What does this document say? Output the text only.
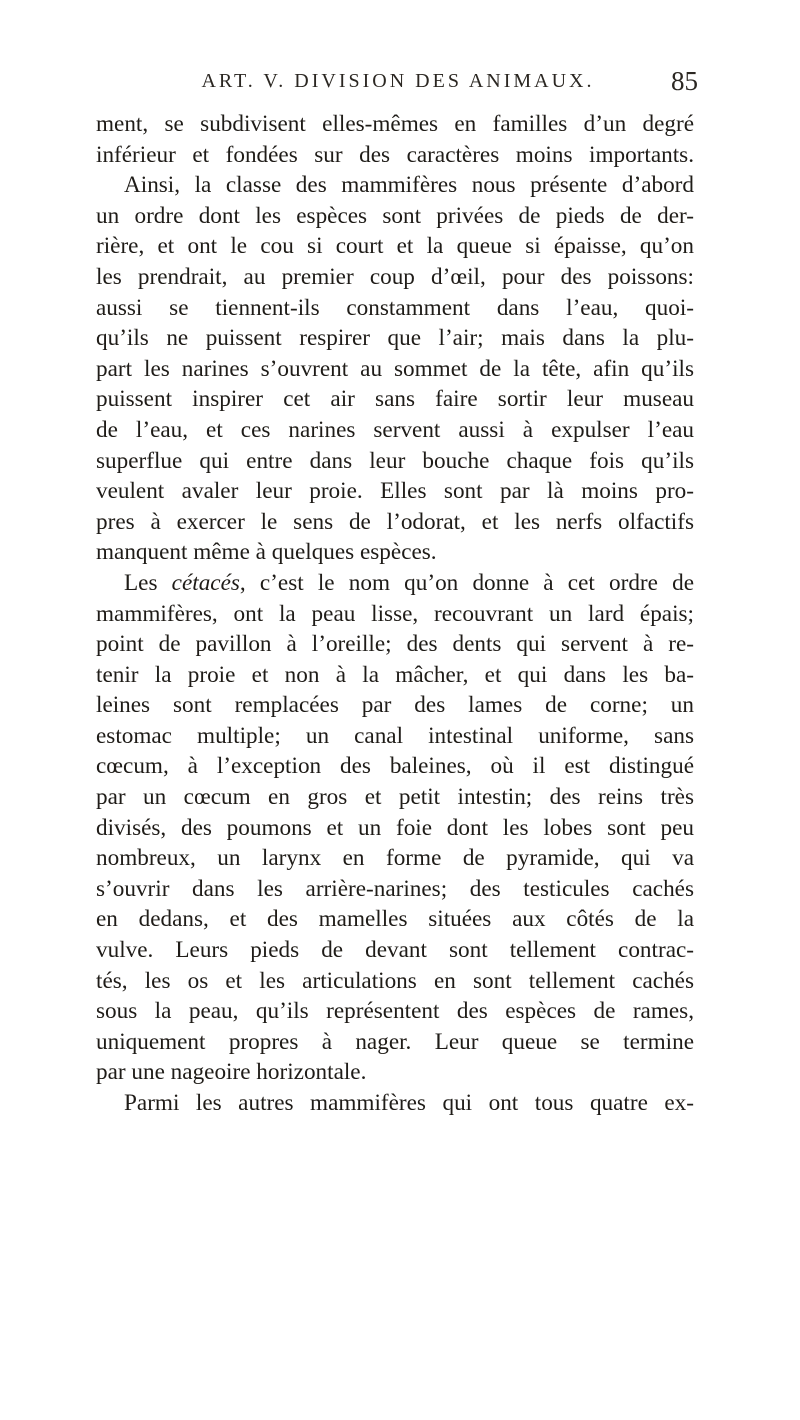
ART. V. DIVISION DES ANIMAUX.	85
ment, se subdivisent elles-mêmes en familles d’un degré
inférieur et fondées sur des caractères moins importants.
Ainsi, la classe des mammifères nous présente d’abord
un ordre dont les espèces sont privées de pieds de der-
rière, et ont le cou si court et la queue si épaisse, qu’on
les prendrait, au premier coup d’œil, pour des poissons:
aussi se tiennent-ils constamment dans l’eau, quoi-
qu’ils ne puissent respirer que l’air; mais dans la plu-
part les narines s’ouvrent au sommet de la tête, afin qu’ils
puissent inspirer cet air sans faire sortir leur museau
de l’eau, et ces narines servent aussi à expulser l’eau
superflue qui entre dans leur bouche chaque fois qu’ils
veulent avaler leur proie. Elles sont par là moins pro-
pres à exercer le sens de l’odorat, et les nerfs olfactifs
manquent même à quelques espèces.
Les cétacés, c’est le nom qu’on donne à cet ordre de
mammifères, ont la peau lisse, recouvrant un lard épais;
point de pavillon à l’oreille; des dents qui servent à re-
tenir la proie et non à la mâcher, et qui dans les ba-
leines sont remplacées par des lames de corne; un
estomac multiple; un canal intestinal uniforme, sans
cœcum, à l’exception des baleines, où il est distingué
par un cœcum en gros et petit intestin; des reins très
divisés, des poumons et un foie dont les lobes sont peu
nombreux, un larynx en forme de pyramide, qui va
s’ouvrir dans les arrière-narines; des testicules cachés
en dedans, et des mamelles situées aux côtés de la
vulve. Leurs pieds de devant sont tellement contrac-
tés, les os et les articulations en sont tellement cachés
sous la peau, qu’ils représentent des espèces de rames,
uniquement propres à nager. Leur queue se termine
par une nageoire horizontale.
Parmi les autres mammifères qui ont tous quatre ex-
